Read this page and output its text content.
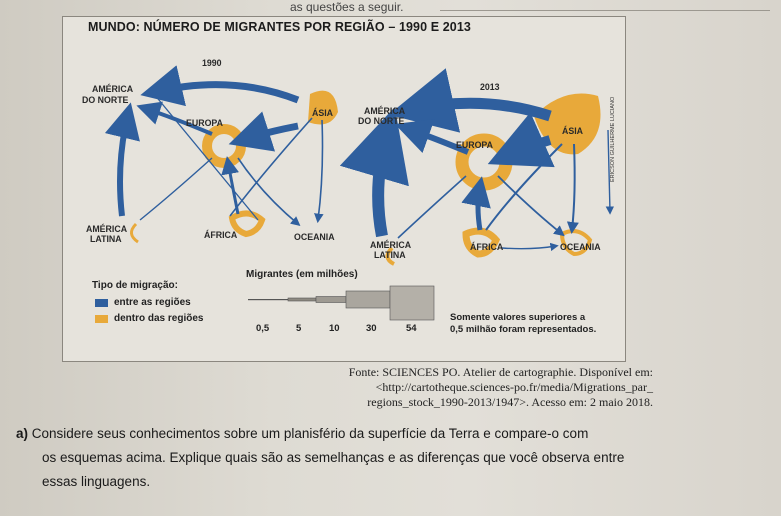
as questões a seguir.
MUNDO: NÚMERO DE MIGRANTES POR REGIÃO – 1990 E 2013
1990
AMÉRICA
DO NORTE
EUROPA
ÁSIA
AMÉRICA
LATINA	ÁFRICA	OCEANIA
2013
AMÉRICA
DO NORTE
EUROPA
ÁSIA
AMÉRICA
LATINA
ÁFRICA	OCEANIA
ERICSON GUILHERME LUCIANO
Tipo de migração:
entre as regiões
dentro das regiões
Migrantes (em milhões)
0,5	5	10	30	54
Somente valores superiores a
0,5 milhão foram representados.
Fonte: SCIENCES PO. Atelier de cartographie. Disponível em:
<http://cartotheque.sciences-po.fr/media/Migrations_par_
regions_stock_1990-2013/1947>. Acesso em: 2 maio 2018.
a) Considere seus conhecimentos sobre um planisfério da superfície da Terra e compare-o com
os esquemas acima. Explique quais são as semelhanças e as diferenças que você observa entre
essas linguagens.
